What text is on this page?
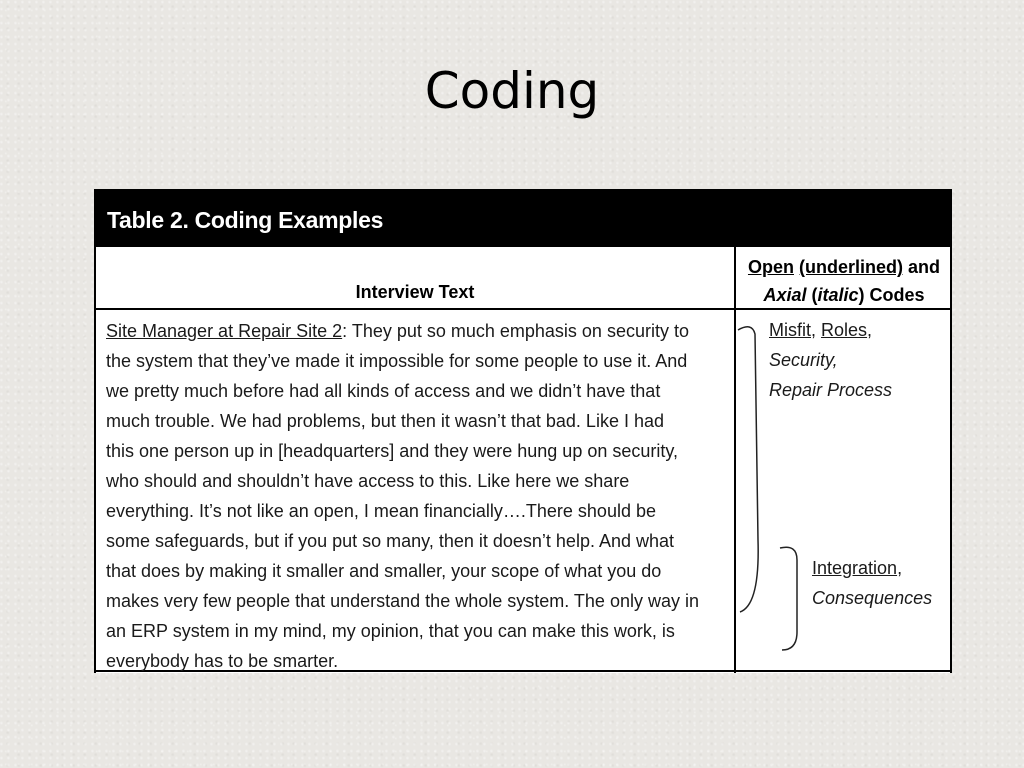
Coding
Table 2. Coding Examples
Interview Text
Open (underlined) and
Axial (italic) Codes

Site Manager at Repair Site 2: They put so much emphasis on security to

the system that they’ve made it impossible for some people to use it. And

we pretty much before had all kinds of access and we didn’t have that

much trouble. We had problems, but then it wasn’t that bad. Like I had

this one person up in [headquarters] and they were hung up on security,

who should and shouldn’t have access to this. Like here we share

everything. It’s not like an open, I mean financially….There should be

some safeguards, but if you put so many, then it doesn’t help. And what

that does by making it smaller and smaller, your scope of what you do

makes very few people that understand the whole system. The only way in

an ERP system in my mind, my opinion, that you can make this work, is

everybody has to be smarter.

Misfit, Roles,
Security,
Repair Process
Integration,
Consequences
